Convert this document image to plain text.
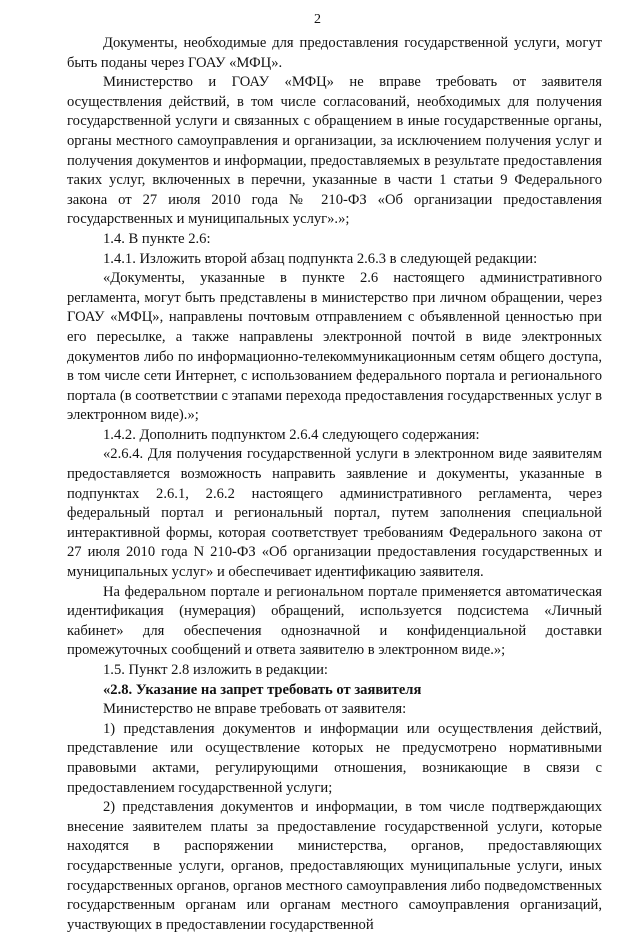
2

Документы, необходимые для предоставления государственной услуги, могут быть поданы через ГОАУ «МФЦ».

Министерство и ГОАУ «МФЦ» не вправе требовать от заявителя осуществления действий, в том числе согласований, необходимых для получения государственной услуги и связанных с обращением в иные государственные органы, органы местного самоуправления и организации, за исключением получения услуг и получения документов и информации, предоставляемых в результате предоставления таких услуг, включенных в перечни, указанные в части 1 статьи 9 Федерального закона от 27 июля 2010 года № 210-ФЗ «Об организации предоставления государственных и муниципальных услуг».»;

1.4. В пункте 2.6:

1.4.1. Изложить второй абзац подпункта 2.6.3 в следующей редакции:

«Документы, указанные в пункте 2.6 настоящего административного регламента, могут быть представлены в министерство при личном обращении, через ГОАУ «МФЦ», направлены почтовым отправлением с объявленной ценностью при его пересылке, а также направлены электронной почтой в виде электронных документов либо по информационно-телекоммуникационным сетям общего доступа, в том числе сети Интернет, с использованием федерального портала и регионального портала (в соответствии с этапами перехода предоставления государственных услуг в электронном виде).»;

1.4.2. Дополнить подпунктом 2.6.4 следующего содержания:

«2.6.4. Для получения государственной услуги в электронном виде заявителям предоставляется возможность направить заявление и документы, указанные в подпунктах 2.6.1, 2.6.2 настоящего административного регламента, через федеральный портал и региональный портал, путем заполнения специальной интерактивной формы, которая соответствует требованиям Федерального закона от 27 июля 2010 года N 210-ФЗ «Об организации предоставления государственных и муниципальных услуг» и обеспечивает идентификацию заявителя.

На федеральном портале и региональном портале применяется автоматическая идентификация (нумерация) обращений, используется подсистема «Личный кабинет» для обеспечения однозначной и конфиденциальной доставки промежуточных сообщений и ответа заявителю в электронном виде.»;

1.5. Пункт 2.8 изложить в редакции:

«2.8. Указание на запрет требовать от заявителя

Министерство не вправе требовать от заявителя:

1) представления документов и информации или осуществления действий, представление или осуществление которых не предусмотрено нормативными правовыми актами, регулирующими отношения, возникающие в связи с предоставлением государственной услуги;

2) представления документов и информации, в том числе подтверждающих внесение заявителем платы за предоставление государственной услуги, которые находятся в распоряжении министерства, органов, предоставляющих государственные услуги, органов, предоставляющих муниципальные услуги, иных государственных органов, органов местного самоуправления либо подведомственных государственным органам или органам местного самоуправления организаций, участвующих в предоставлении государственной
